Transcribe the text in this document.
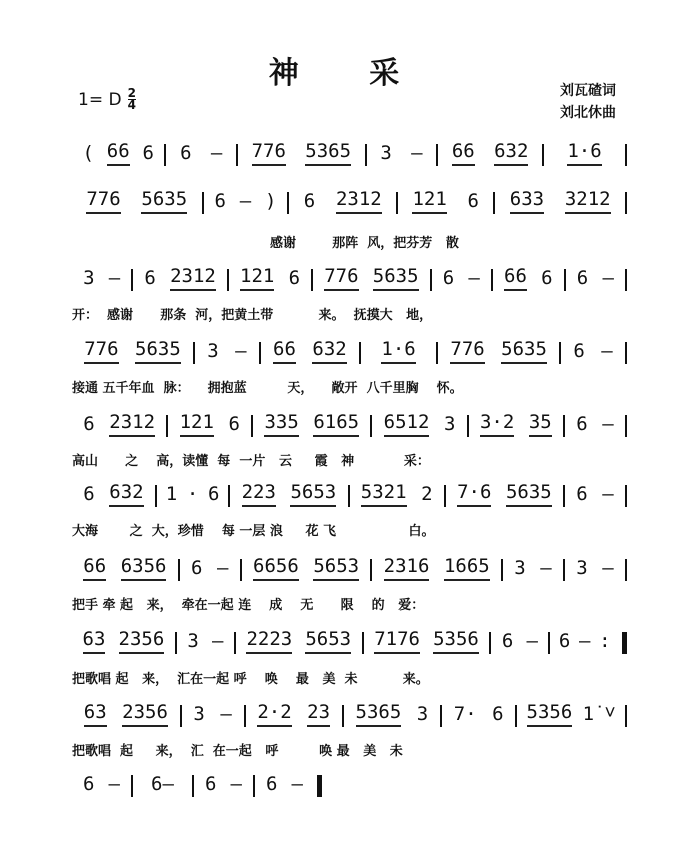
神 采
1= D $\frac{2}{4}$	刘瓦碴词
刘北休曲
( 66 6 6 – 776 5365 3 – 66 632 1·6
776 5635 6 – ) 6 2312 121 6 633 3212
感谢        那阵  风，把芬芳   散
3 – 6 2312 121 6 776 5635 6 – 66 6 6 –
开：  感谢      那条  河，把黄土带          来。  抚摸大   地，
776 5635 3 – 66 632 1·6 776 5635 6 –
接通 五千年血  脉：    拥抱蓝         天，    敞开  八千里胸    怀。
6 2312 121 6 335 6165 6512 3 3·2 35 6 –
高山      之    高，读懂  每  一片   云     霞   神           采：
6 632 1 · 6 223 5653 5321 2 7·6 5635 6 –
大海       之  大，珍惜    每 一层 浪     花 飞                白。
66 6356 6 – 6656 5653 2316 1665 3 – 3 –
把手 牵 起   来，  牵在一起 连    成    无      限    的   爱：
63 2356 3 – 2223 5653 7176 5356 6 – 6 – :
把歌唱 起   来，  汇在一起 呼    唤    最   美  未          来。
63 2356 3 – 2·2 23 5365 3 7· 6 5356 1̇ ˅
把歌唱  起     来，  汇  在一起   呼         唤 最   美   未
6 – 6– 6 – 6 –
